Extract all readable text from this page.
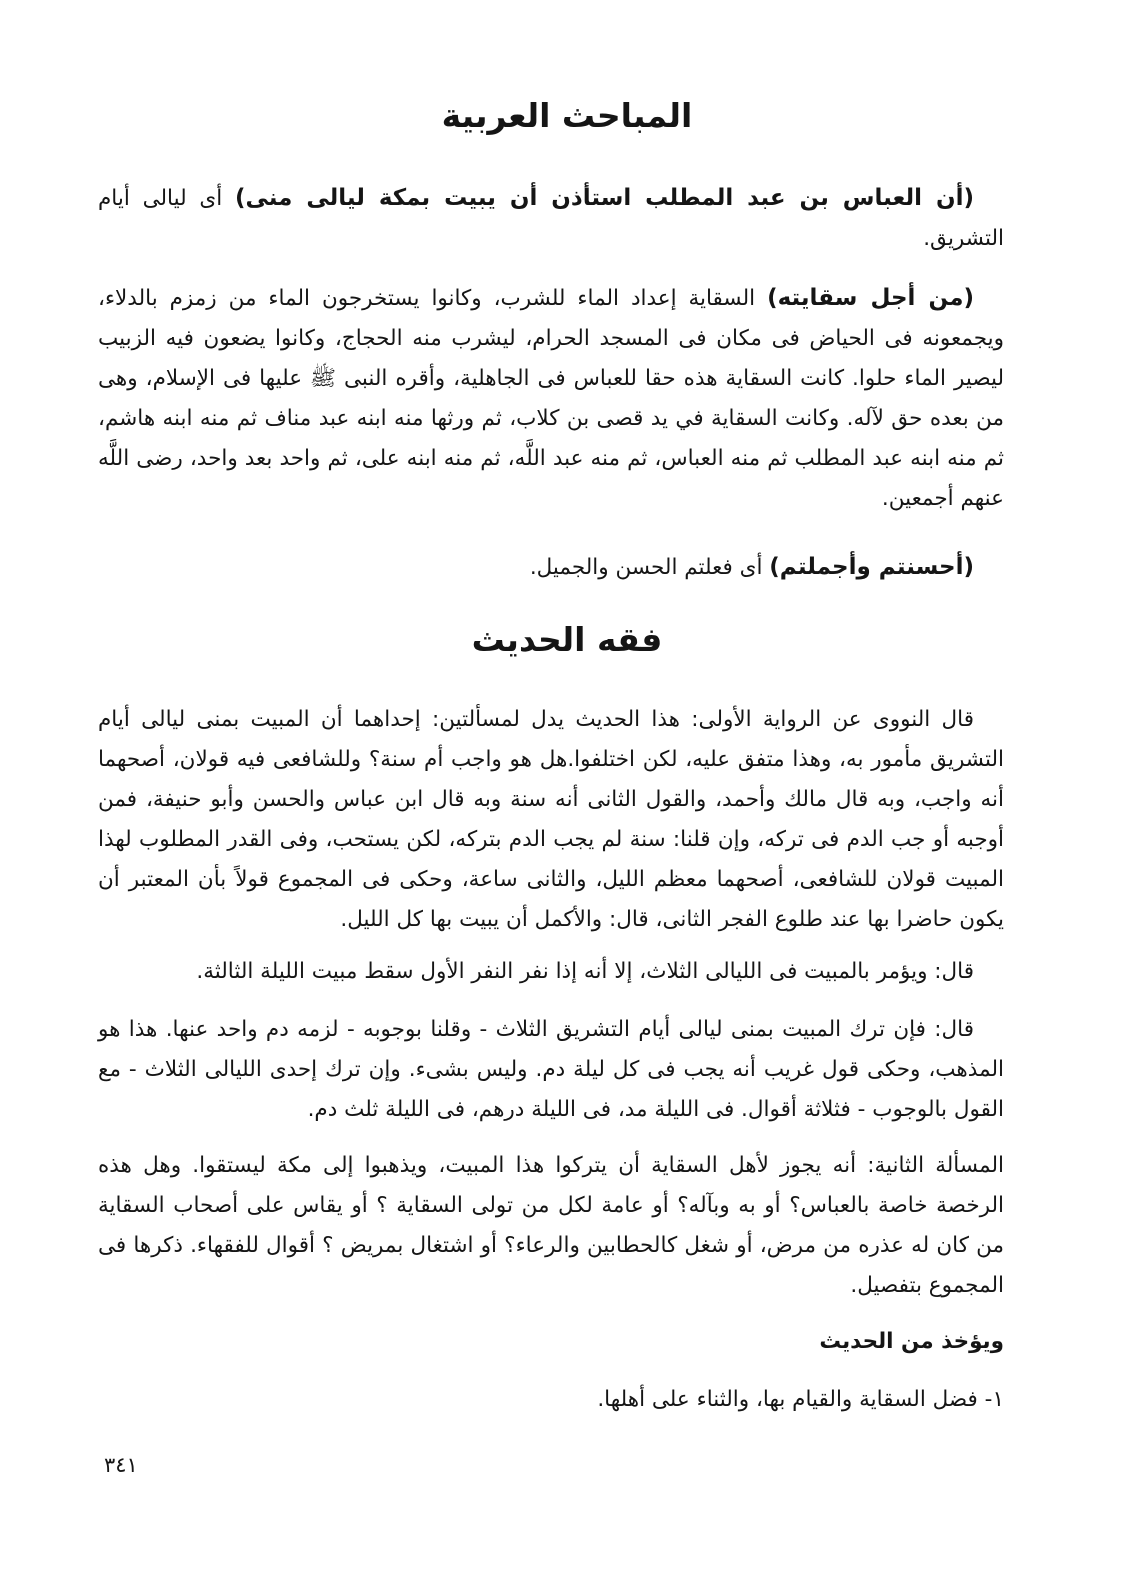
المباحث العربية

(أن العباس بن عبد المطلب استأذن أن يبيت بمكة ليالى منى) أى ليالى أيام التشريق.

(من أجل سقايته) السقاية إعداد الماء للشرب، وكانوا يستخرجون الماء من زمزم بالدلاء، ويجمعونه فى الحياض فى مكان فى المسجد الحرام، ليشرب منه الحجاج، وكانوا يضعون فيه الزبيب ليصير الماء حلوا. كانت السقاية هذه حقا للعباس فى الجاهلية، وأقره النبى ﷺ عليها فى الإسلام، وهى من بعده حق لآله. وكانت السقاية في يد قصى بن كلاب، ثم ورثها منه ابنه عبد مناف ثم منه ابنه هاشم، ثم منه ابنه عبد المطلب ثم منه العباس، ثم منه عبد اللَّه، ثم منه ابنه على، ثم واحد بعد واحد، رضى اللَّه عنهم أجمعين.

(أحسنتم وأجملتم) أى فعلتم الحسن والجميل.

فقه الحديث

قال النووى عن الرواية الأولى: هذا الحديث يدل لمسألتين: إحداهما أن المبيت بمنى ليالى أيام التشريق مأمور به، وهذا متفق عليه، لكن اختلفوا.هل هو واجب أم سنة؟ وللشافعى فيه قولان، أصحهما أنه واجب، وبه قال مالك وأحمد، والقول الثانى أنه سنة وبه قال ابن عباس والحسن وأبو حنيفة، فمن أوجبه أو جب الدم فى تركه، وإن قلنا: سنة لم يجب الدم بتركه، لكن يستحب، وفى القدر المطلوب لهذا المبيت قولان للشافعى، أصحهما معظم الليل، والثانى ساعة، وحكى فى المجموع قولاً بأن المعتبر أن يكون حاضرا بها عند طلوع الفجر الثانى، قال: والأكمل أن يبيت بها كل الليل.

قال: ويؤمر بالمبيت فى الليالى الثلاث، إلا أنه إذا نفر النفر الأول سقط مبيت الليلة الثالثة.

قال: فإن ترك المبيت بمنى ليالى أيام التشريق الثلاث - وقلنا بوجوبه - لزمه دم واحد عنها. هذا هو المذهب، وحكى قول غريب أنه يجب فى كل ليلة دم. وليس بشىء. وإن ترك إحدى الليالى الثلاث - مع القول بالوجوب - فثلاثة أقوال. فى الليلة مد، فى الليلة درهم، فى الليلة ثلث دم.

المسألة الثانية: أنه يجوز لأهل السقاية أن يتركوا هذا المبيت، ويذهبوا إلى مكة ليستقوا. وهل هذه الرخصة خاصة بالعباس؟ أو به وبآله؟ أو عامة لكل من تولى السقاية ؟ أو يقاس على أصحاب السقاية من كان له عذره من مرض، أو شغل كالحطابين والرعاء؟ أو اشتغال بمريض ؟ أقوال للفقهاء. ذكرها فى المجموع بتفصيل.

ويؤخذ من الحديث

١- فضل السقاية والقيام بها، والثناء على أهلها.

٣٤١
